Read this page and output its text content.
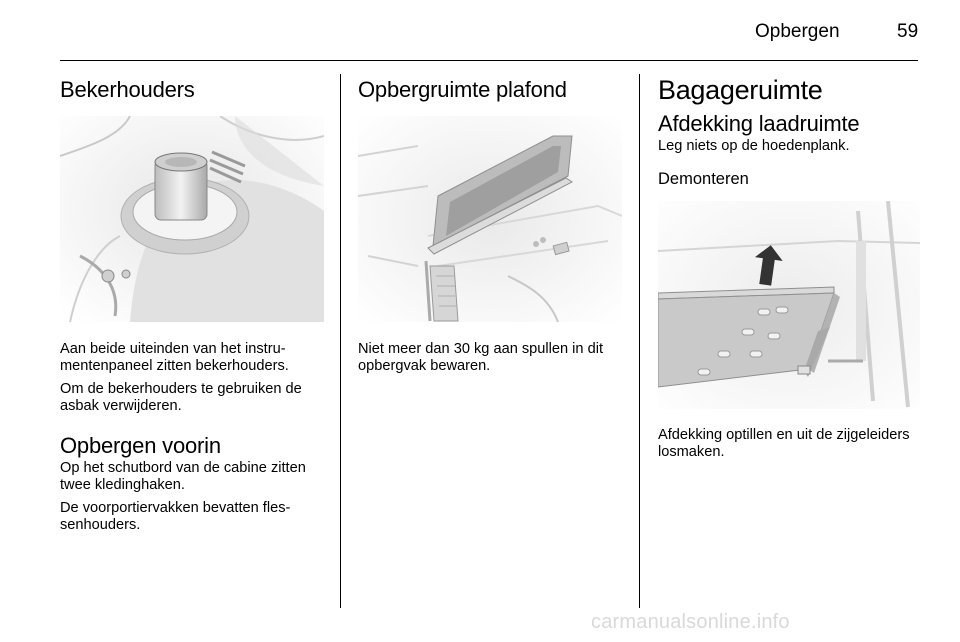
Opbergen	59
Bekerhouders

Aan beide uiteinden van het instrumentenpaneel zitten bekerhouders.

Om de bekerhouders te gebruiken de asbak verwijderen.

Opbergen voorin

Op het schutbord van de cabine zitten twee kledinghaken.

De voorportiervakken bevatten flessenhouders.

Opbergruimte plafond

Niet meer dan 30 kg aan spullen in dit opbergvak bewaren.

Bagageruimte
Afdekking laadruimte

Leg niets op de hoedenplank.

Demonteren

Afdekking optillen en uit de zijgeleiders losmaken.

carmanualsonline.info
